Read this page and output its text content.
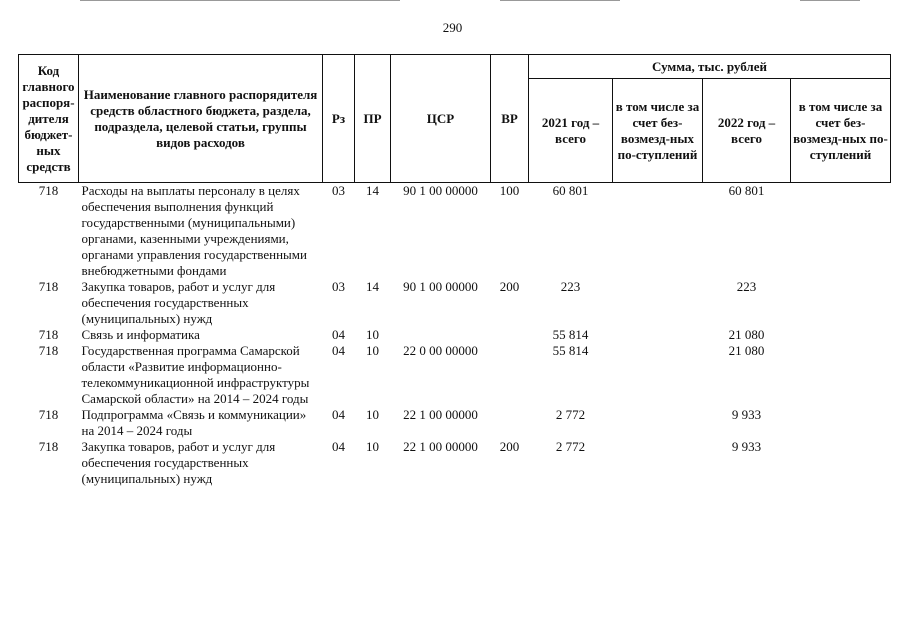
290
Код главного распоря-дителя бюджет-ных средств	Наименование главного распорядителя средств областного бюджета, раздела, подраздела, целевой статьи, группы видов расходов	Рз	ПР	ЦСР	ВР	Сумма, тыс. рублей			
						2021 год – всего	в том числе за счет без-возмезд-ных по-ступлений	2022 год – всего	в том числе за счет без-возмезд-ных по-ступлений
718	Расходы на выплаты персоналу в целях обеспечения выполнения функций государственными (муниципальными) органами, казенными учреждениями, органами управления государственными внебюджетными фондами	03	14	90 1 00 00000	100	60 801		60 801	
718	Закупка товаров, работ и услуг для обеспечения государственных (муниципальных) нужд	03	14	90 1 00 00000	200	223		223	
718	Связь и информатика	04	10			55 814		21 080	
718	Государственная программа Самарской области «Развитие информационно-телекоммуникационной инфраструктуры Самарской области» на 2014 – 2024 годы	04	10	22 0 00 00000		55 814		21 080	
718	Подпрограмма «Связь и коммуникации» на 2014 – 2024 годы	04	10	22 1 00 00000		2 772		9 933	
718	Закупка товаров, работ и услуг для обеспечения государственных (муниципальных) нужд	04	10	22 1 00 00000	200	2 772		9 933	
